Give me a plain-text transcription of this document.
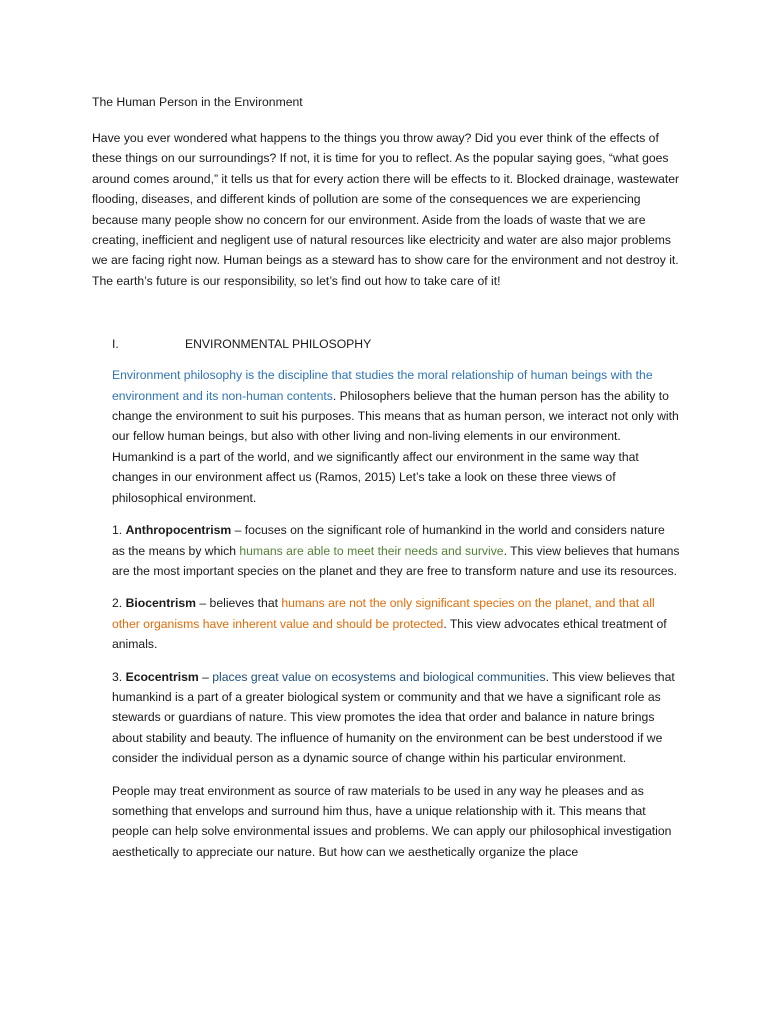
The Human Person in the Environment

Have you ever wondered what happens to the things you throw away? Did you ever think of the effects of these things on our surroundings? If not, it is time for you to reflect. As the popular saying goes, “what goes around comes around,” it tells us that for every action there will be effects to it. Blocked drainage, wastewater flooding, diseases, and different kinds of pollution are some of the consequences we are experiencing because many people show no concern for our environment. Aside from the loads of waste that we are creating, inefficient and negligent use of natural resources like electricity and water are also major problems we are facing right now. Human beings as a steward has to show care for the environment and not destroy it. The earth’s future is our responsibility, so let’s find out how to take care of it!

I.	ENVIRONMENTAL PHILOSOPHY

Environment philosophy is the discipline that studies the moral relationship of human beings with the environment and its non-human contents. Philosophers believe that the human person has the ability to change the environment to suit his purposes. This means that as human person, we interact not only with our fellow human beings, but also with other living and non-living elements in our environment. Humankind is a part of the world, and we significantly affect our environment in the same way that changes in our environment affect us (Ramos, 2015) Let’s take a look on these three views of philosophical environment.

1. Anthropocentrism – focuses on the significant role of humankind in the world and considers nature as the means by which humans are able to meet their needs and survive. This view believes that humans are the most important species on the planet and they are free to transform nature and use its resources.

2. Biocentrism – believes that humans are not the only significant species on the planet, and that all other organisms have inherent value and should be protected. This view advocates ethical treatment of animals.

3. Ecocentrism – places great value on ecosystems and biological communities. This view believes that humankind is a part of a greater biological system or community and that we have a significant role as stewards or guardians of nature. This view promotes the idea that order and balance in nature brings about stability and beauty. The influence of humanity on the environment can be best understood if we consider the individual person as a dynamic source of change within his particular environment.

People may treat environment as source of raw materials to be used in any way he pleases and as something that envelops and surround him thus, have a unique relationship with it. This means that people can help solve environmental issues and problems. We can apply our philosophical investigation aesthetically to appreciate our nature. But how can we aesthetically organize the place
